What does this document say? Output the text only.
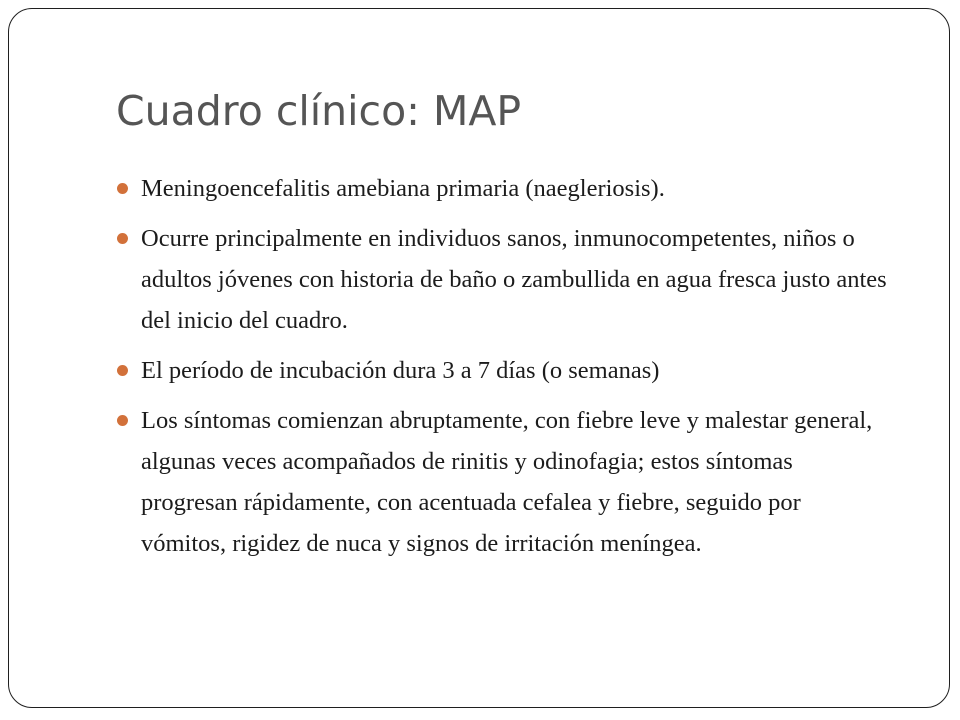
Cuadro clínico: MAP
Meningoencefalitis amebiana primaria (naegleriosis).
Ocurre principalmente en individuos sanos, inmunocompetentes, niños o adultos jóvenes con historia de baño o zambullida en agua fresca justo antes del inicio del cuadro.
El período de incubación dura 3 a 7 días (o semanas)
Los síntomas comienzan abruptamente, con fiebre leve y malestar general, algunas veces acompañados de rinitis y odinofagia; estos síntomas progresan rápidamente, con acentuada cefalea y fiebre, seguido por vómitos, rigidez de nuca y signos de irritación meníngea.
